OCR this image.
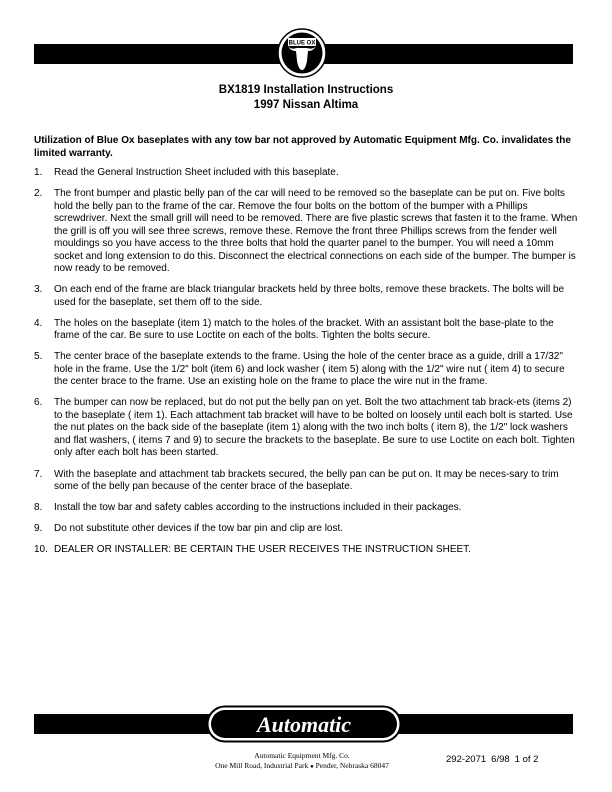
BLUE OX
BX1819 Installation Instructions
1997 Nissan Altima
Utilization of Blue Ox baseplates with any tow bar not approved by Automatic Equipment Mfg. Co. invalidates the limited warranty.
1. Read the General Instruction Sheet included with this baseplate.
2. The front bumper and plastic belly pan of the car will need to be removed so the baseplate can be put on. Five bolts hold the belly pan to the frame of the car. Remove the four bolts on the bottom of the bumper with a Phillips screwdriver. Next the small grill will need to be removed. There are five plastic screws that fasten it to the frame. When the grill is off you will see three screws, remove these. Remove the front three Phillips screws from the fender well mouldings so you have access to the three bolts that hold the quarter panel to the bumper. You will need a 10mm socket and long extension to do this. Disconnect the electrical connections on each side of the bumper. The bumper is now ready to be removed.
3. On each end of the frame are black triangular brackets held by three bolts, remove these brackets. The bolts will be used for the baseplate, set them off to the side.
4. The holes on the baseplate (item 1) match to the holes of the bracket. With an assistant bolt the base-plate to the frame of the car. Be sure to use Loctite on each of the bolts. Tighten the bolts secure.
5. The center brace of the baseplate extends to the frame. Using the hole of the center brace as a guide, drill a 17/32" hole in the frame. Use the 1/2" bolt (item 6) and lock washer ( item 5) along with the 1/2" wire nut ( item 4) to secure the center brace to the frame. Use an existing hole on the frame to place the wire nut in the frame.
6. The bumper can now be replaced, but do not put the belly pan on yet. Bolt the two attachment tab brack-ets (items 2) to the baseplate ( item 1). Each attachment tab bracket will have to be bolted on loosely until each bolt is started. Use the nut plates on the back side of the baseplate (item 1) along with the two inch bolts ( item 8), the 1/2" lock washers and flat washers, ( items 7 and 9) to secure the brackets to the baseplate. Be sure to use Loctite on each bolt. Tighten only after each bolt has been started.
7. With the baseplate and attachment tab brackets secured, the belly pan can be put on. It may be neces-sary to trim some of the belly pan because of the center brace of the baseplate.
8. Install the tow bar and safety cables according to the instructions included in their packages.
9. Do not substitute other devices if the tow bar pin and clip are lost.
10. DEALER OR INSTALLER: BE CERTAIN THE USER RECEIVES THE INSTRUCTION SHEET.
Automatic
Automatic Equipment Mfg. Co.
One Mill Road, Industrial Park ● Pender, Nebraska 68047	292-2071 6/98 1 of 2
